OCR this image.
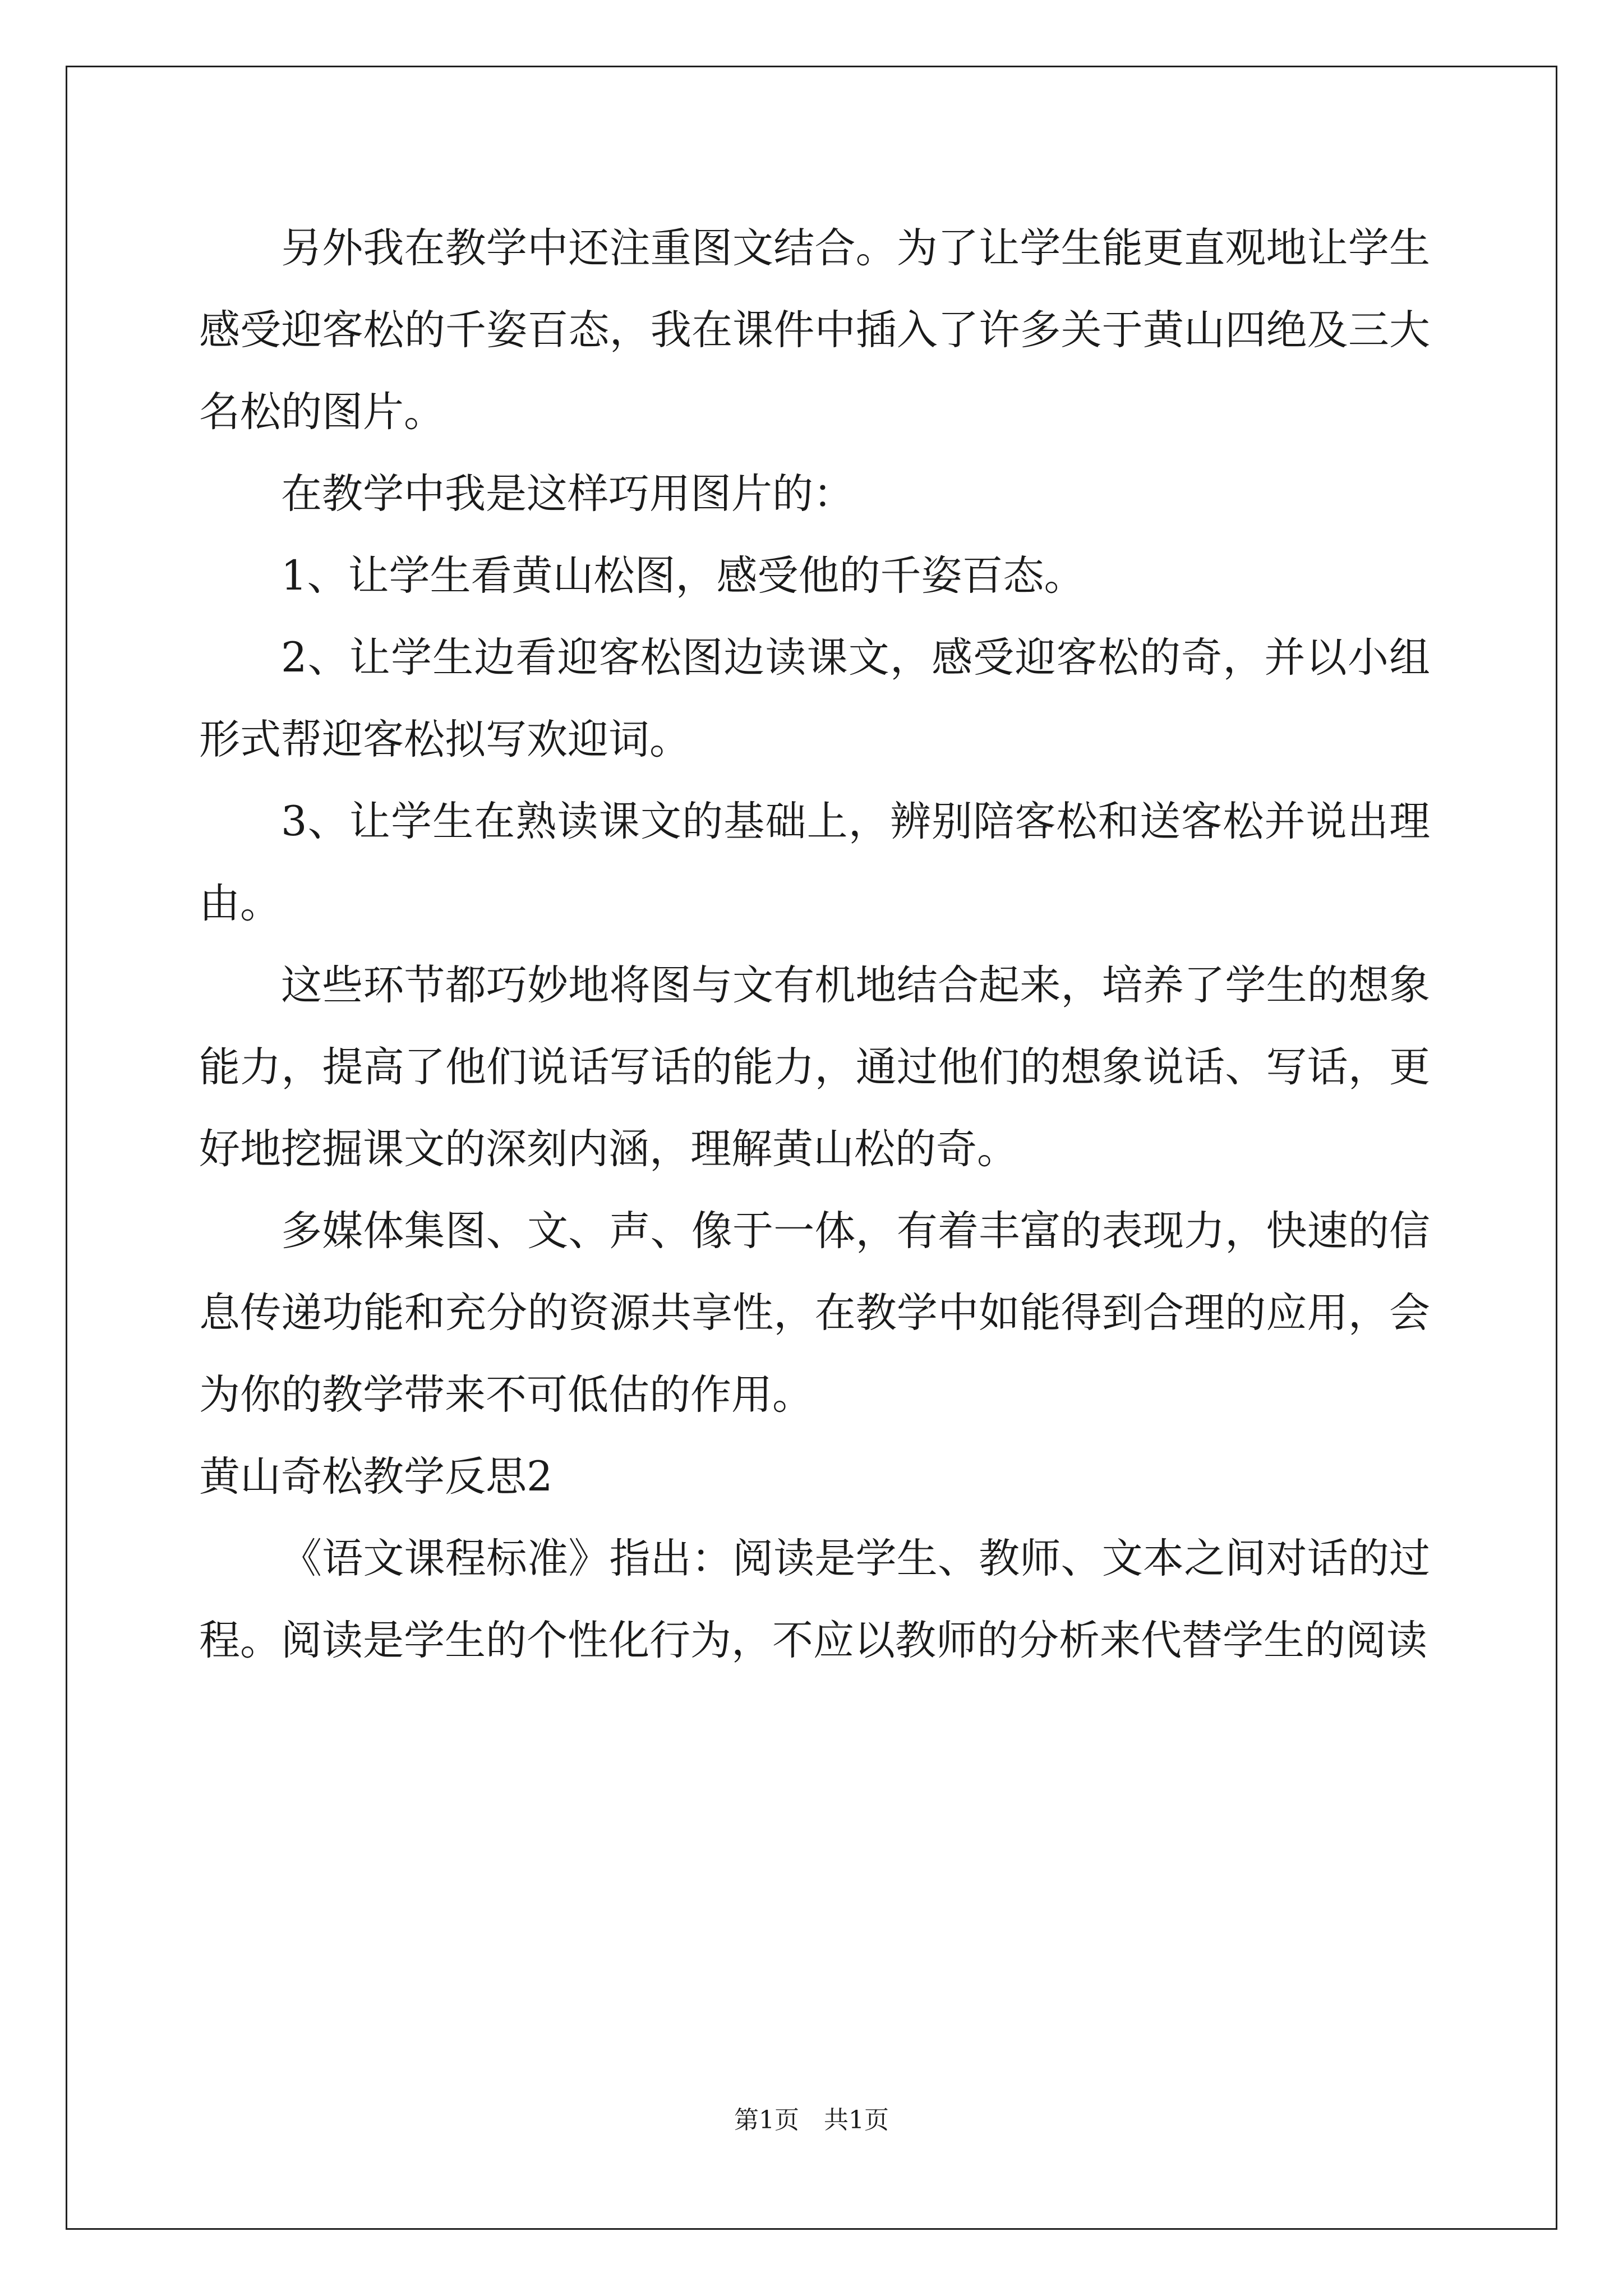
另外我在教学中还注重图文结合。为了让学生能更直观地让学生感受迎客松的千姿百态，我在课件中插入了许多关于黄山四绝及三大名松的图片。

在教学中我是这样巧用图片的：

1、让学生看黄山松图，感受他的千姿百态。

2、让学生边看迎客松图边读课文，感受迎客松的奇，并以小组形式帮迎客松拟写欢迎词。

3、让学生在熟读课文的基础上，辨别陪客松和送客松并说出理由。

这些环节都巧妙地将图与文有机地结合起来，培养了学生的想象能力，提高了他们说话写话的能力，通过他们的想象说话、写话，更好地挖掘课文的深刻内涵，理解黄山松的奇。

多媒体集图、文、声、像于一体，有着丰富的表现力，快速的信息传递功能和充分的资源共享性，在教学中如能得到合理的应用，会为你的教学带来不可低估的作用。

黄山奇松教学反思2

《语文课程标准》指出：阅读是学生、教师、文本之间对话的过程。阅读是学生的个性化行为，不应以教师的分析来代替学生的阅读

第1页　共1页
